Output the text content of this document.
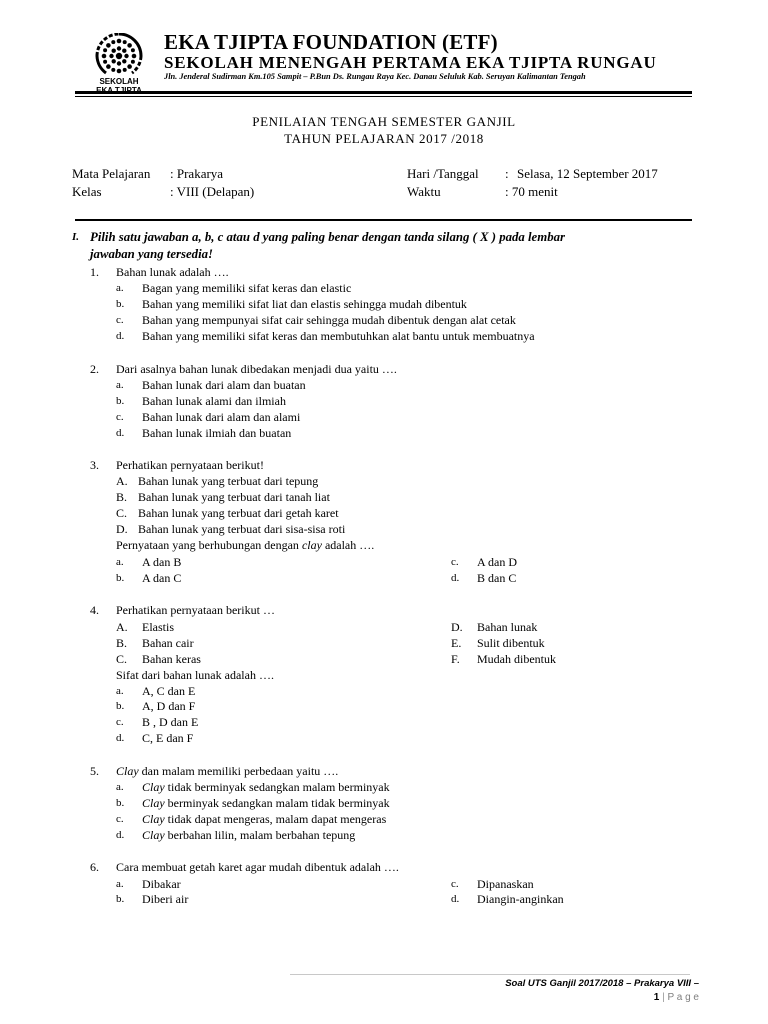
SEKOLAH
EKA TJIPTA FOUNDATION (ETF)
SEKOLAH MENENGAH PERTAMA EKA TJIPTA RUNGAU
Jln. Jenderal Sudirman Km.105 Sampit – P.Bun Ds. Rungau Raya Kec. Danau Seluluk Kab. Seruyan Kalimantan Tengah
PENILAIAN TENGAH SEMESTER GANJIL
TAHUN PELAJARAN 2017 /2018
Mata Pelajaran : Prakarya	Hari /Tanggal : Selasa, 12 September 2017
Kelas	: VIII (Delapan)	Waktu	: 70 menit
I. Pilih satu jawaban a, b, c atau d yang paling benar dengan tanda silang ( X ) pada lembar
jawaban yang tersedia!
1. Bahan lunak adalah ….
a. Bagan yang memiliki sifat keras dan elastic
b. Bahan yang memiliki sifat liat dan elastis sehingga mudah dibentuk
c. Bahan yang mempunyai sifat cair sehingga mudah dibentuk dengan alat cetak
d. Bahan yang memiliki sifat keras dan membutuhkan alat bantu untuk membuatnya
2. Dari asalnya bahan lunak dibedakan menjadi dua yaitu ….
a. Bahan lunak dari alam dan buatan
b. Bahan lunak alami dan ilmiah
c. Bahan lunak dari alam dan alami
d. Bahan lunak ilmiah dan buatan
3. Perhatikan pernyataan berikut!
A. Bahan lunak yang terbuat dari tepung
B. Bahan lunak yang terbuat dari tanah liat
C. Bahan lunak yang terbuat dari getah karet
D. Bahan lunak yang terbuat dari sisa-sisa roti
Pernyataan yang berhubungan dengan clay adalah ….
a. A dan B
b. A dan C
c. A dan D
d. B dan C
4. Perhatikan pernyataan berikut …
A. Elastis
B. Bahan cair
C. Bahan keras
D. Bahan lunak
E. Sulit dibentuk
F. Mudah dibentuk
Sifat dari bahan lunak adalah ….
a. A, C dan E
b. A, D dan F
c. B , D dan E
d. C, E dan F
5. Clay dan malam memiliki perbedaan yaitu ….
a. Clay tidak berminyak sedangkan malam berminyak
b. Clay berminyak sedangkan malam tidak berminyak
c. Clay tidak dapat mengeras, malam dapat mengeras
d. Clay berbahan lilin, malam berbahan tepung
6. Cara membuat getah karet agar mudah dibentuk adalah ….
a. Dibakar
b. Diberi air
c. Dipanaskan
d. Diangin-anginkan
Soal UTS Ganjil 2017/2018 – Prakarya VIII –
1 | P a g e
